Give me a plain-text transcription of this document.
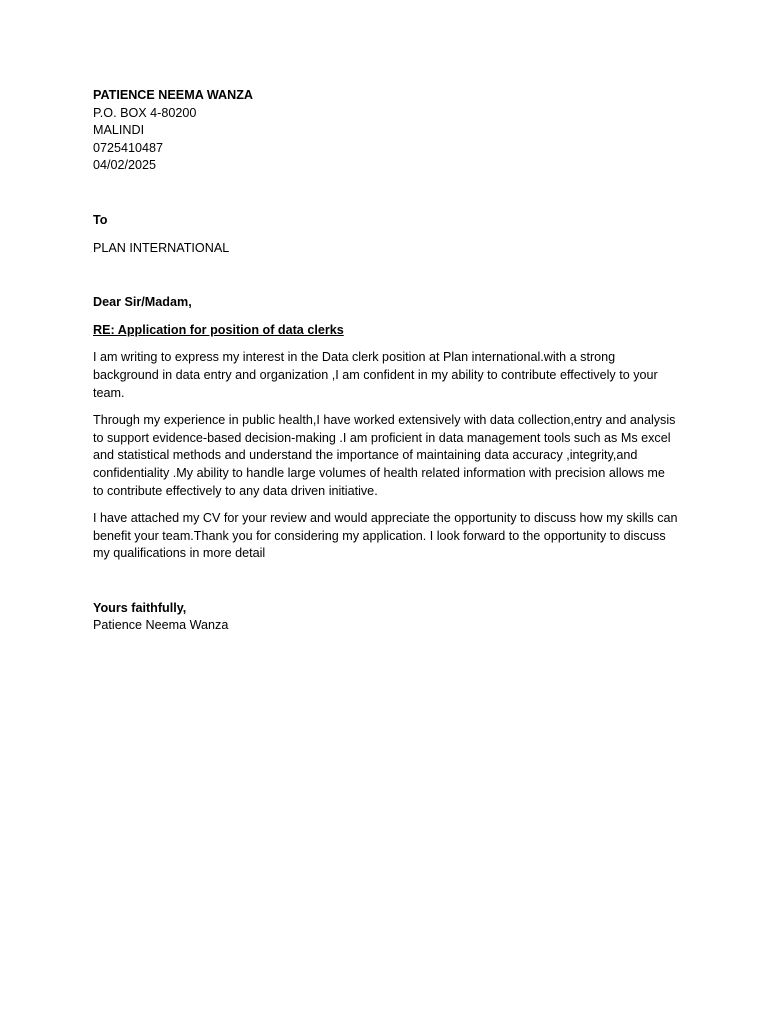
PATIENCE NEEMA WANZA
P.O. BOX 4-80200
MALINDI
0725410487
04/02/2025
To
PLAN INTERNATIONAL
Dear Sir/Madam,
RE: Application for position of data clerks

I am writing to express my interest in the Data clerk position at Plan international.with a strong background in data entry and organization ,I am confident in my ability to contribute effectively to your team.

Through my experience in public health,I have worked extensively with data collection,entry and analysis to support evidence-based decision-making .I am proficient in data management tools such as Ms excel and statistical methods and understand the importance of maintaining data accuracy ,integrity,and confidentiality .My ability to handle large volumes of health related information with precision allows me to contribute effectively to any data driven initiative.

I have attached my CV for your review and would appreciate the opportunity to discuss how my skills can benefit your team.Thank you for considering my application. I look forward to the opportunity to discuss my qualifications in more detail

Yours faithfully,
Patience Neema Wanza
